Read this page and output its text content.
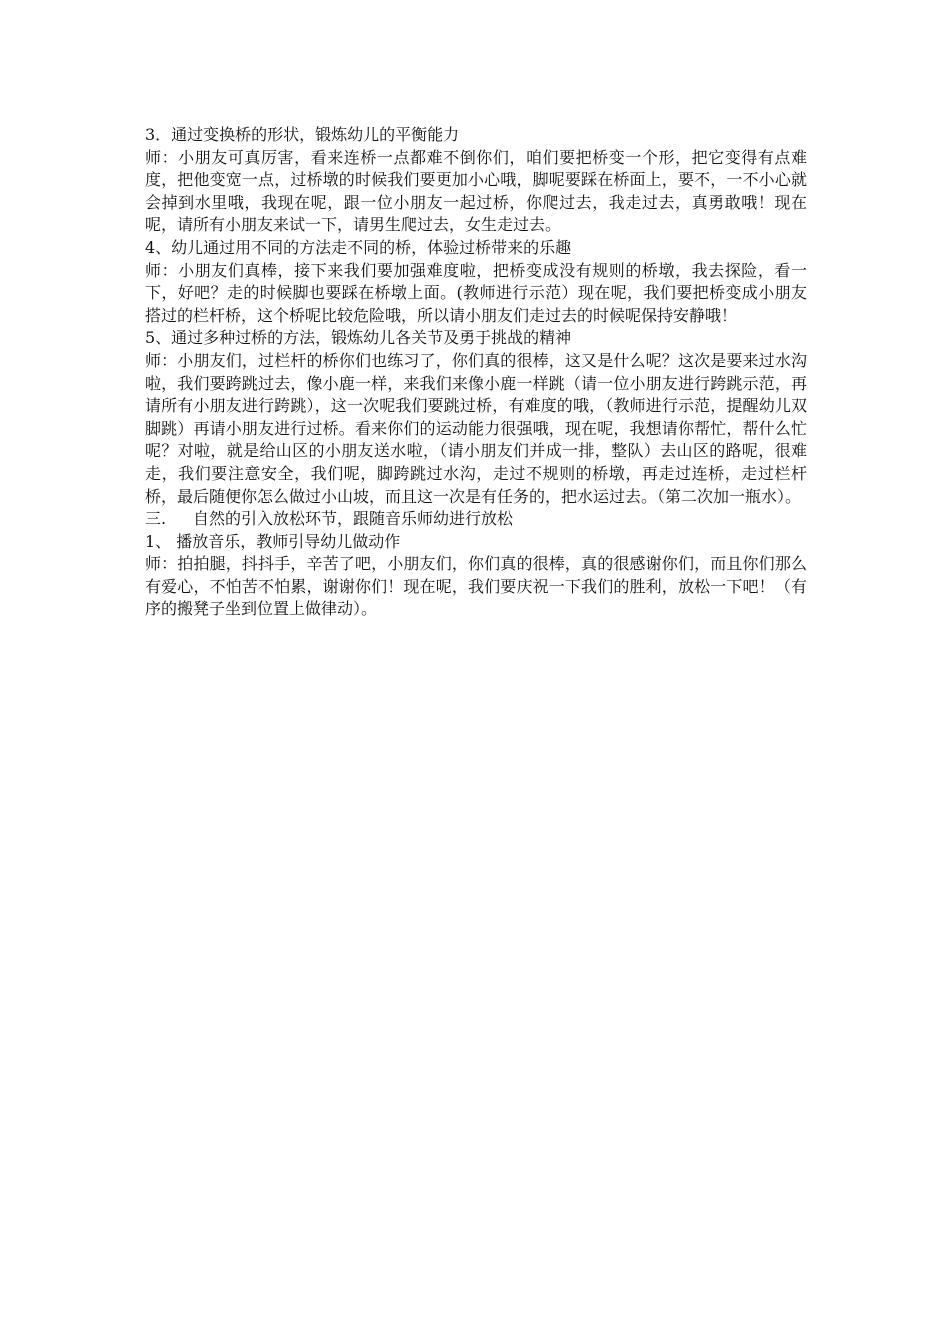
3．通过变换桥的形状，锻炼幼儿的平衡能力

师：小朋友可真厉害，看来连桥一点都难不倒你们，咱们要把桥变一个形，把它变得有点难度，把他变宽一点，过桥墩的时候我们要更加小心哦，脚呢要踩在桥面上，要不，一不小心就会掉到水里哦，我现在呢，跟一位小朋友一起过桥，你爬过去，我走过去，真勇敢哦！现在呢，请所有小朋友来试一下，请男生爬过去，女生走过去。

4、幼儿通过用不同的方法走不同的桥，体验过桥带来的乐趣

师：小朋友们真棒，接下来我们要加强难度啦，把桥变成没有规则的桥墩，我去探险，看一下，好吧？走的时候脚也要踩在桥墩上面。(教师进行示范）现在呢，我们要把桥变成小朋友搭过的栏杆桥，这个桥呢比较危险哦，所以请小朋友们走过去的时候呢保持安静哦！

5、通过多种过桥的方法，锻炼幼儿各关节及勇于挑战的精神

师：小朋友们，过栏杆的桥你们也练习了，你们真的很棒，这又是什么呢？这次是要来过水沟啦，我们要跨跳过去，像小鹿一样，来我们来像小鹿一样跳（请一位小朋友进行跨跳示范，再请所有小朋友进行跨跳），这一次呢我们要跳过桥，有难度的哦，（教师进行示范，提醒幼儿双脚跳）再请小朋友进行过桥。看来你们的运动能力很强哦，现在呢，我想请你帮忙，帮什么忙呢？对啦，就是给山区的小朋友送水啦，（请小朋友们并成一排，整队）去山区的路呢，很难走，我们要注意安全，我们呢，脚跨跳过水沟，走过不规则的桥墩，再走过连桥，走过栏杆桥，最后随便你怎么做过小山坡，而且这一次是有任务的，把水运过去。（第二次加一瓶水）。

三. 自然的引入放松环节，跟随音乐师幼进行放松

1、 播放音乐，教师引导幼儿做动作

师：拍拍腿，抖抖手，辛苦了吧，小朋友们，你们真的很棒，真的很感谢你们，而且你们那么有爱心，不怕苦不怕累，谢谢你们！现在呢，我们要庆祝一下我们的胜利，放松一下吧！（有序的搬凳子坐到位置上做律动）。
